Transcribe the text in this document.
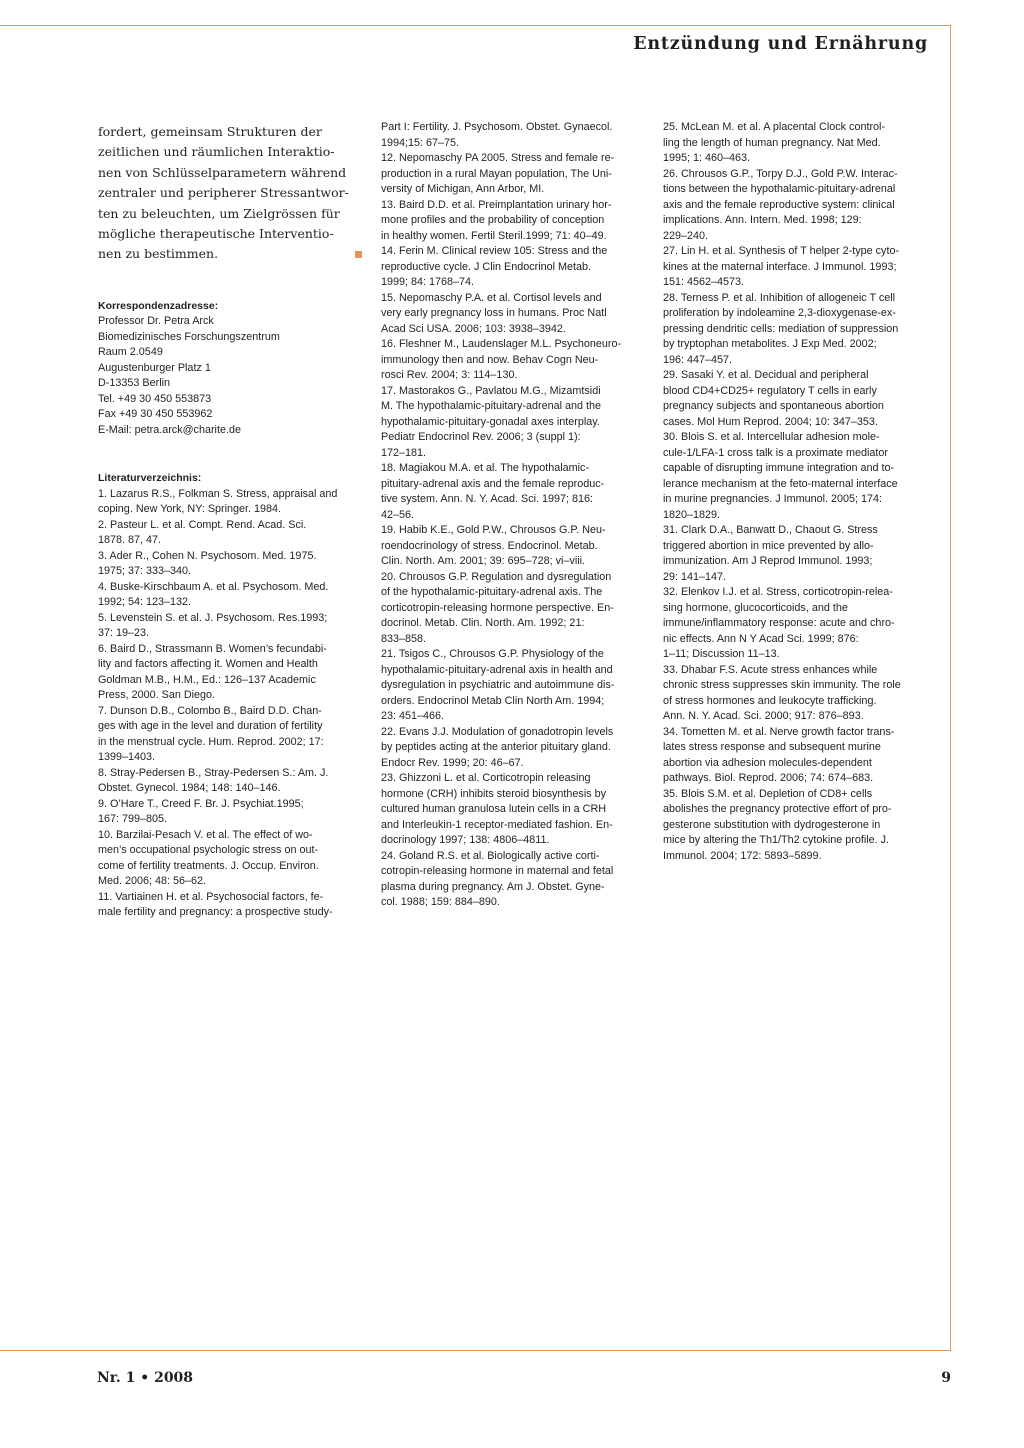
Entzündung und Ernährung
fordert, gemeinsam Strukturen der
zeitlichen und räumlichen Interaktio-
nen von Schlüsselparametern während
zentraler und peripherer Stressantwor-
ten zu beleuchten, um Zielgrössen für
mögliche therapeutische Interventio-
nen zu bestimmen.

Korrespondenzadresse:

Professor Dr. Petra Arck
Biomedizinisches Forschungszentrum
Raum 2.0549
Augustenburger Platz 1
D-13353 Berlin
Tel. +49 30 450 553873
Fax +49 30 450 553962
E-Mail: petra.arck@charite.de

Literaturverzeichnis:

1. Lazarus R.S., Folkman S. Stress, appraisal and
coping. New York, NY: Springer. 1984.
2. Pasteur L. et al. Compt. Rend. Acad. Sci.
1878. 87, 47.
3. Ader R., Cohen N. Psychosom. Med. 1975.
1975; 37: 333–340.
4. Buske-Kirschbaum A. et al. Psychosom. Med.
1992; 54: 123–132.
5. Levenstein S. et al. J. Psychosom. Res.1993;
37: 19–23.
6. Baird D., Strassmann B. Women’s fecundabi-
lity and factors affecting it. Women and Health
Goldman M.B., H.M., Ed.: 126–137 Academic
Press, 2000. San Diego.
7. Dunson D.B., Colombo B., Baird D.D. Chan-
ges with age in the level and duration of fertility
in the menstrual cycle. Hum. Reprod. 2002; 17:
1399–1403.
8. Stray-Pedersen B., Stray-Pedersen S.: Am. J.
Obstet. Gynecol. 1984; 148: 140–146.
9. O’Hare T., Creed F. Br. J. Psychiat.1995;
167: 799–805.
10. Barzilai-Pesach V. et al. The effect of wo-
men’s occupational psychologic stress on out-
come of fertility treatments. J. Occup. Environ.
Med. 2006; 48: 56–62.
11. Vartiainen H. et al. Psychosocial factors, fe-
male fertility and pregnancy: a prospective study-
Part I: Fertility. J. Psychosom. Obstet. Gynaecol.
1994;15: 67–75.
12. Nepomaschy PA 2005. Stress and female re-
production in a rural Mayan population, The Uni-
versity of Michigan, Ann Arbor, MI.
13. Baird D.D. et al. Preimplantation urinary hor-
mone profiles and the probability of conception
in healthy women. Fertil Steril.1999; 71: 40–49.
14. Ferin M. Clinical review 105: Stress and the
reproductive cycle. J Clin Endocrinol Metab.
1999; 84: 1768–74.
15. Nepomaschy P.A. et al. Cortisol levels and
very early pregnancy loss in humans. Proc Natl
Acad Sci USA. 2006; 103: 3938–3942.
16. Fleshner M., Laudenslager M.L. Psychoneuro-
immunology then and now. Behav Cogn Neu-
rosci Rev. 2004; 3: 114–130.
17. Mastorakos G., Pavlatou M.G., Mizamtsidi
M. The hypothalamic-pituitary-adrenal and the
hypothalamic-pituitary-gonadal axes interplay.
Pediatr Endocrinol Rev. 2006; 3 (suppl 1):
172–181.
18. Magiakou M.A. et al. The hypothalamic-
pituitary-adrenal axis and the female reproduc-
tive system. Ann. N. Y. Acad. Sci. 1997; 816:
42–56.
19. Habib K.E., Gold P.W., Chrousos G.P. Neu-
roendocrinology of stress. Endocrinol. Metab.
Clin. North. Am. 2001; 39: 695–728; vi–viii.
20. Chrousos G.P. Regulation and dysregulation
of the hypothalamic-pituitary-adrenal axis. The
corticotropin-releasing hormone perspective. En-
docrinol. Metab. Clin. North. Am. 1992; 21:
833–858.
21. Tsigos C., Chrousos G.P. Physiology of the
hypothalamic-pituitary-adrenal axis in health and
dysregulation in psychiatric and autoimmune dis-
orders. Endocrinol Metab Clin North Am. 1994;
23: 451–466.
22. Evans J.J. Modulation of gonadotropin levels
by peptides acting at the anterior pituitary gland.
Endocr Rev. 1999; 20: 46–67.
23. Ghizzoni L. et al. Corticotropin releasing
hormone (CRH) inhibits steroid biosynthesis by
cultured human granulosa lutein cells in a CRH
and Interleukin-1 receptor-mediated fashion. En-
docrinology 1997; 138: 4806–4811.
24. Goland R.S. et al. Biologically active corti-
cotropin-releasing hormone in maternal and fetal
plasma during pregnancy. Am J. Obstet. Gyne-
col. 1988; 159: 884–890.
25. McLean M. et al. A placental Clock control-
ling the length of human pregnancy. Nat Med.
1995; 1: 460–463.
26. Chrousos G.P., Torpy D.J., Gold P.W. Interac-
tions between the hypothalamic-pituitary-adrenal
axis and the female reproductive system: clinical
implications. Ann. Intern. Med. 1998; 129:
229–240.
27. Lin H. et al. Synthesis of T helper 2-type cyto-
kines at the maternal interface. J Immunol. 1993;
151: 4562–4573.
28. Terness P. et al. Inhibition of allogeneic T cell
proliferation by indoleamine 2,3-dioxygenase-ex-
pressing dendritic cells: mediation of suppression
by tryptophan metabolites. J Exp Med. 2002;
196: 447–457.
29. Sasaki Y. et al. Decidual and peripheral
blood CD4+CD25+ regulatory T cells in early
pregnancy subjects and spontaneous abortion
cases. Mol Hum Reprod. 2004; 10: 347–353.
30. Blois S. et al. Intercellular adhesion mole-
cule-1/LFA-1 cross talk is a proximate mediator
capable of disrupting immune integration and to-
lerance mechanism at the feto-maternal interface
in murine pregnancies. J Immunol. 2005; 174:
1820–1829.
31. Clark D.A., Banwatt D., Chaout G. Stress
triggered abortion in mice prevented by allo-
immunization. Am J Reprod Immunol. 1993;
29: 141–147.
32. Elenkov I.J. et al. Stress, corticotropin-relea-
sing hormone, glucocorticoids, and the
immune/inflammatory response: acute and chro-
nic effects. Ann N Y Acad Sci. 1999; 876:
1–11; Discussion 11–13.
33. Dhabar F.S. Acute stress enhances while
chronic stress suppresses skin immunity. The role
of stress hormones and leukocyte trafficking.
Ann. N. Y. Acad. Sci. 2000; 917: 876–893.
34. Tometten M. et al. Nerve growth factor trans-
lates stress response and subsequent murine
abortion via adhesion molecules-dependent
pathways. Biol. Reprod. 2006; 74: 674–683.
35. Blois S.M. et al. Depletion of CD8+ cells
abolishes the pregnancy protective effort of pro-
gesterone substitution with dydrogesterone in
mice by altering the Th1/Th2 cytokine profile. J.
Immunol. 2004; 172: 5893–5899.
Nr. 1 • 2008	9
